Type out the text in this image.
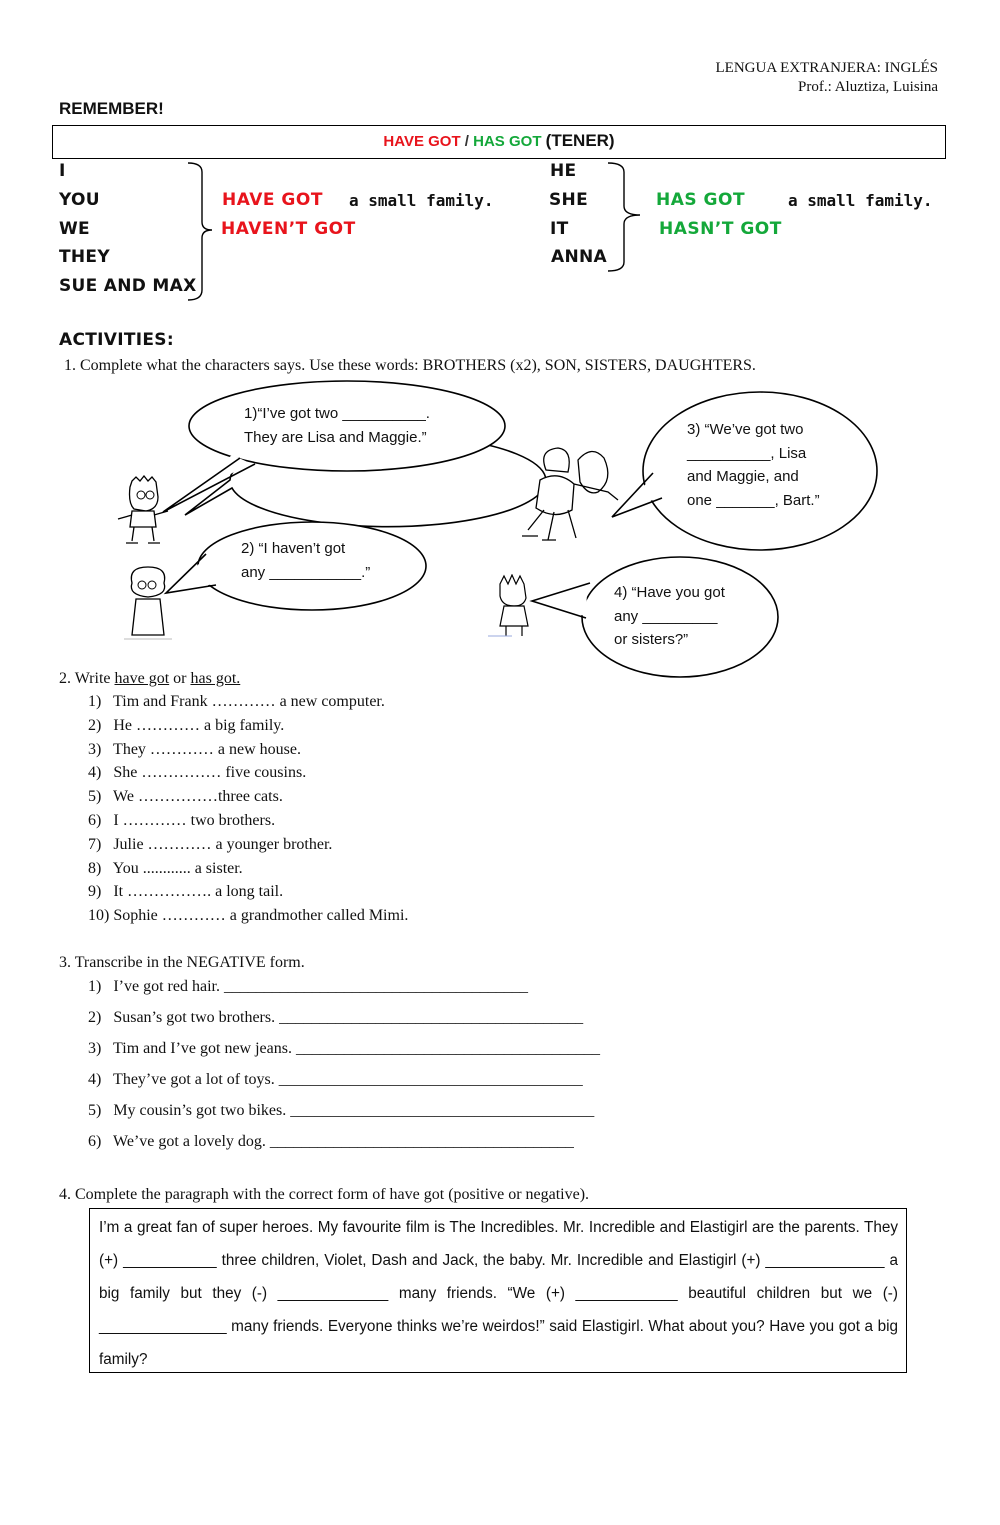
LENGUA EXTRANJERA: INGLÉS
Prof.: Aluztiza, Luisina
REMEMBER!
HAVE GOT / HAS GOT (TENER)
I
YOU
WE
THEY
SUE AND MAX
HAVE GOT a small family.
HAVEN’T GOT
HE
SHE
IT
ANNA
HAS GOT	a small family.
HASN’T GOT
ACTIVITIES:
1. Complete what the characters says. Use these words: BROTHERS (x2), SON, SISTERS, DAUGHTERS.
1)“I’ve got two __________.
They are Lisa and Maggie.”	3) “We’ve got two
__________, Lisa
and Maggie, and
one _______, Bart.”
2) “I haven’t got
any ___________.”
4) “Have you got
any _________
or sisters?”
2. Write have got or has got.
1)   Tim and Frank ………… a new computer.
2)   He ………… a big family.
3)   They ………… a new house.
4)   She …………… five cousins.
5)   We ……………three cats.
6)   I ………… two brothers.
7)   Julie ………… a younger brother.
8)   You ............ a sister.
9)   It ……………. a long tail.
10) Sophie ………… a grandmother called Mimi.
3. Transcribe in the NEGATIVE form.
1)   I’ve got red hair. ______________________________________
2)   Susan’s got two brothers. ______________________________________
3)   Tim and I’ve got new jeans. ______________________________________
4)   They’ve got a lot of toys. ______________________________________
5)   My cousin’s got two bikes. ______________________________________
6)   We’ve got a lovely dog. ______________________________________
4. Complete the paragraph with the correct form of have got (positive or negative).
I’m a great fan of super heroes. My favourite film is The Incredibles. Mr. Incredible and Elastigirl are the parents. They (+) ___________ three children, Violet, Dash and Jack, the baby. Mr. Incredible and Elastigirl (+) ______________ a big family but they (-) _____________ many friends. “We (+) ____________ beautiful children but we (-) _______________ many friends. Everyone thinks we’re weirdos!” said Elastigirl. What about you? Have you got a big family?
